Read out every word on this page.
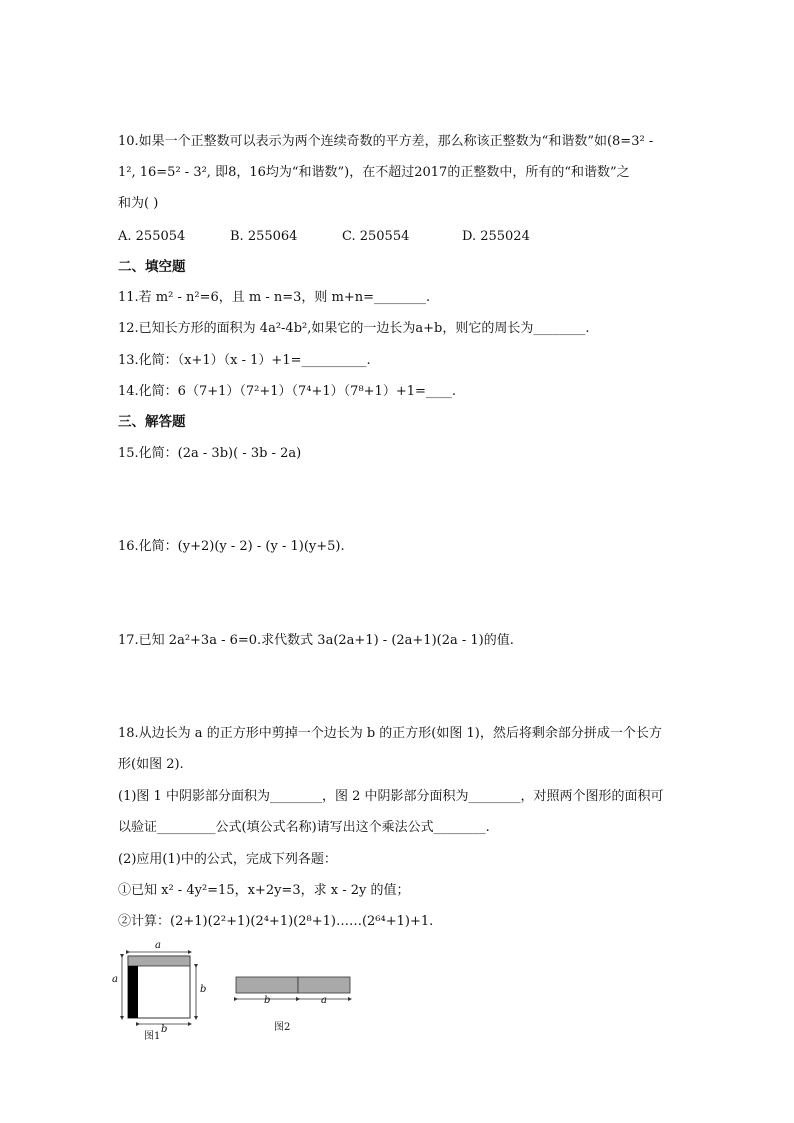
10.如果一个正整数可以表示为两个连续奇数的平方差，那么称该正整数为“和谐数”如(8=3² -
1², 16=5² - 3², 即8，16均为“和谐数”)，在不超过2017的正整数中，所有的“和谐数”之
和为( )
A. 255054	B. 255064	C. 250554	D. 255024
二、填空题
11.若 m² - n²=6，且 m - n=3，则 m+n=________.
12.已知长方形的面积为 4a²-4b²,如果它的一边长为a+b，则它的周长为________.
13.化简：（x+1）（x - 1）+1=__________.
14.化简：6（7+1）（7²+1）（7⁴+1）（7⁸+1）+1=____.
三、解答题
15.化简：(2a - 3b)( - 3b - 2a)
16.化简：(y+2)(y - 2) - (y - 1)(y+5).
17.已知 2a²+3a - 6=0.求代数式 3a(2a+1) - (2a+1)(2a - 1)的值.
18.从边长为 a 的正方形中剪掉一个边长为 b 的正方形(如图 1)，然后将剩余部分拼成一个长方
形(如图 2).
(1)图 1 中阴影部分面积为________，图 2 中阴影部分面积为________，对照两个图形的面积可
以验证_________公式(填公式名称)请写出这个乘法公式________.
(2)应用(1)中的公式，完成下列各题：
①已知 x² - 4y²=15，x+2y=3，求 x - 2y 的值；
②计算：(2+1)(2²+1)(2⁴+1)(2⁸+1)……(2⁶⁴+1)+1.
a
a
b
b
图1
b	a
图2
